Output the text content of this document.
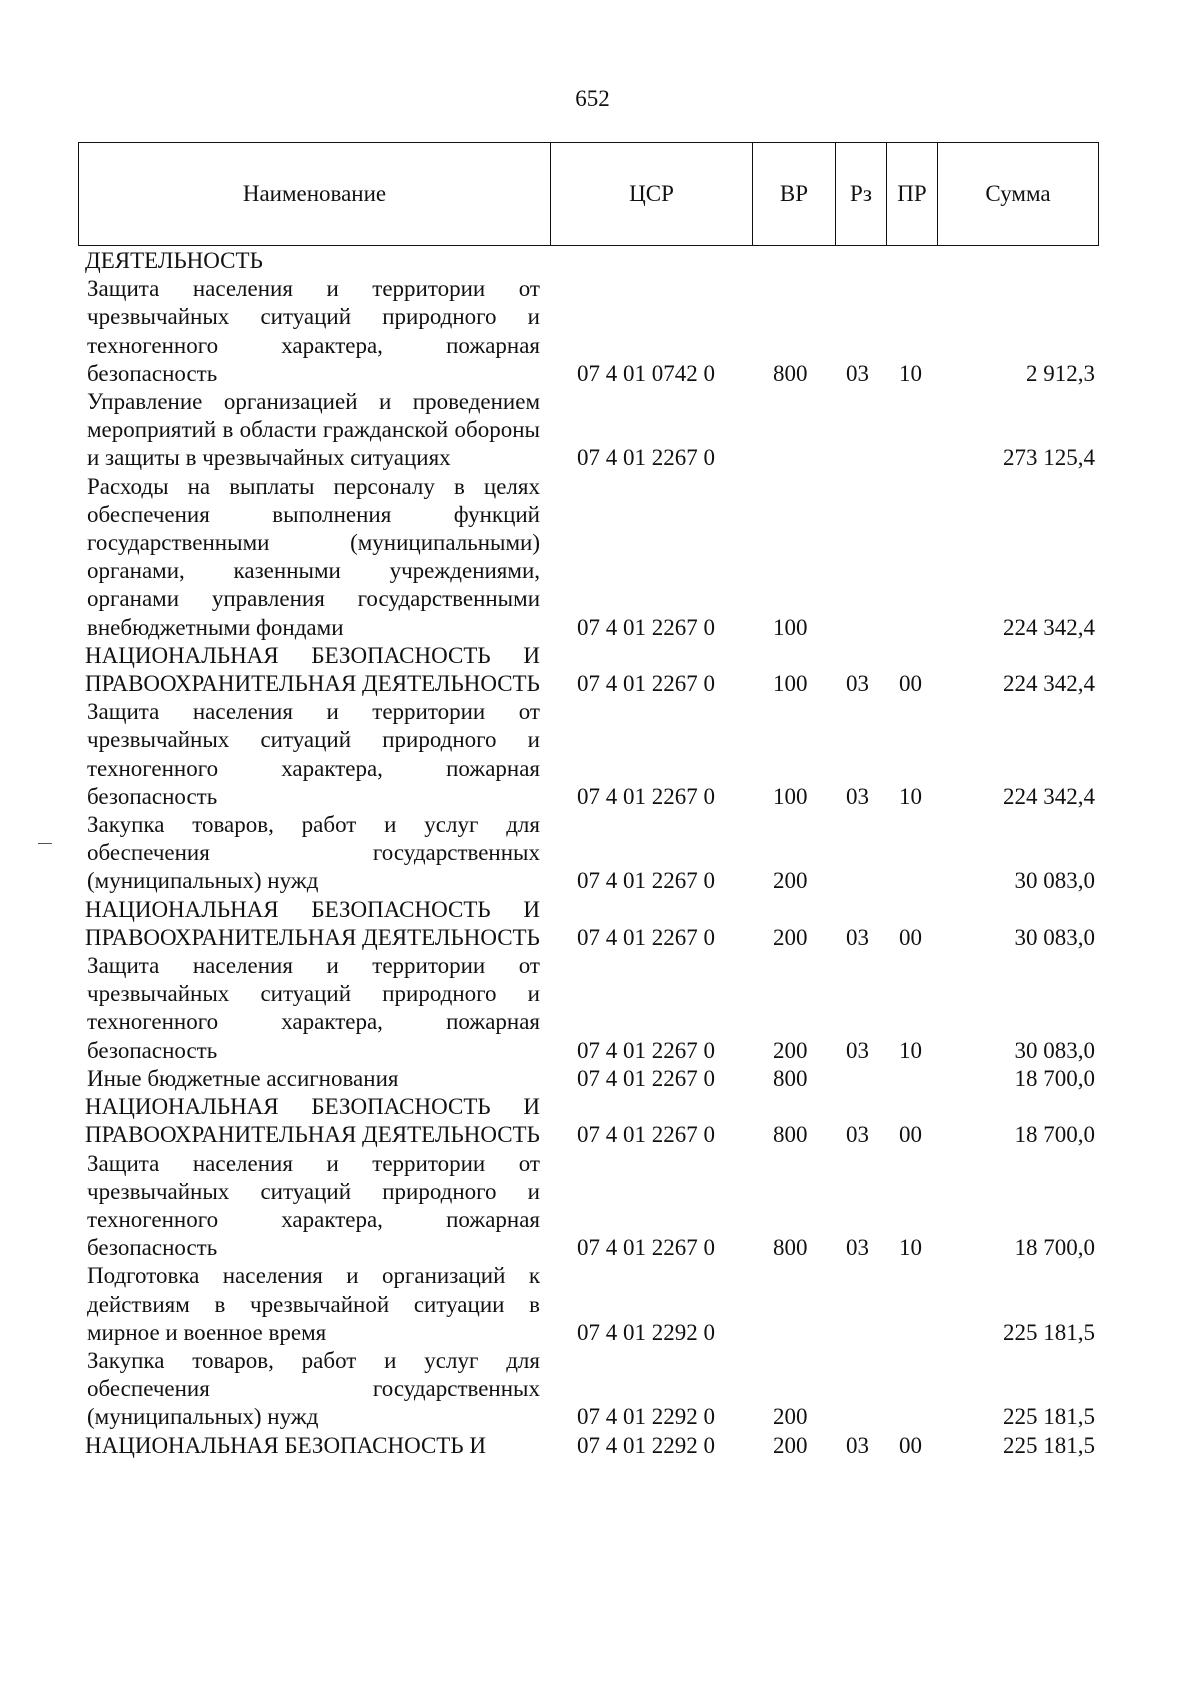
652
Наименование	ЦСР	ВР	Рз	ПР	Сумма
ДЕЯТЕЛЬНОСТЬ					
Защита населения и территории от чрезвычайных ситуаций природного и техногенного характера, пожарная безопасность	07 4 01 0742 0	800	03	10	2 912,3
Управление организацией и проведением мероприятий в области гражданской обороны и защиты в чрезвычайных ситуациях	07 4 01 2267 0				273 125,4
Расходы на выплаты персоналу в целях обеспечения выполнения функций государственными (муниципальными) органами, казенными учреждениями, органами управления государственными внебюджетными фондами	07 4 01 2267 0	100			224 342,4
НАЦИОНАЛЬНАЯ БЕЗОПАСНОСТЬ И ПРАВООХРАНИТЕЛЬНАЯ ДЕЯТЕЛЬНОСТЬ	07 4 01 2267 0	100	03	00	224 342,4
Защита населения и территории от чрезвычайных ситуаций природного и техногенного характера, пожарная безопасность	07 4 01 2267 0	100	03	10	224 342,4
Закупка товаров, работ и услуг для обеспечения государственных (муниципальных) нужд	07 4 01 2267 0	200			30 083,0
НАЦИОНАЛЬНАЯ БЕЗОПАСНОСТЬ И ПРАВООХРАНИТЕЛЬНАЯ ДЕЯТЕЛЬНОСТЬ	07 4 01 2267 0	200	03	00	30 083,0
Защита населения и территории от чрезвычайных ситуаций природного и техногенного характера, пожарная безопасность	07 4 01 2267 0	200	03	10	30 083,0
Иные бюджетные ассигнования	07 4 01 2267 0	800			18 700,0
НАЦИОНАЛЬНАЯ БЕЗОПАСНОСТЬ И ПРАВООХРАНИТЕЛЬНАЯ ДЕЯТЕЛЬНОСТЬ	07 4 01 2267 0	800	03	00	18 700,0
Защита населения и территории от чрезвычайных ситуаций природного и техногенного характера, пожарная безопасность	07 4 01 2267 0	800	03	10	18 700,0
Подготовка населения и организаций к действиям в чрезвычайной ситуации в мирное и военное время	07 4 01 2292 0				225 181,5
Закупка товаров, работ и услуг для обеспечения государственных (муниципальных) нужд	07 4 01 2292 0	200			225 181,5
НАЦИОНАЛЬНАЯ БЕЗОПАСНОСТЬ И	07 4 01 2292 0	200	03	00	225 181,5
